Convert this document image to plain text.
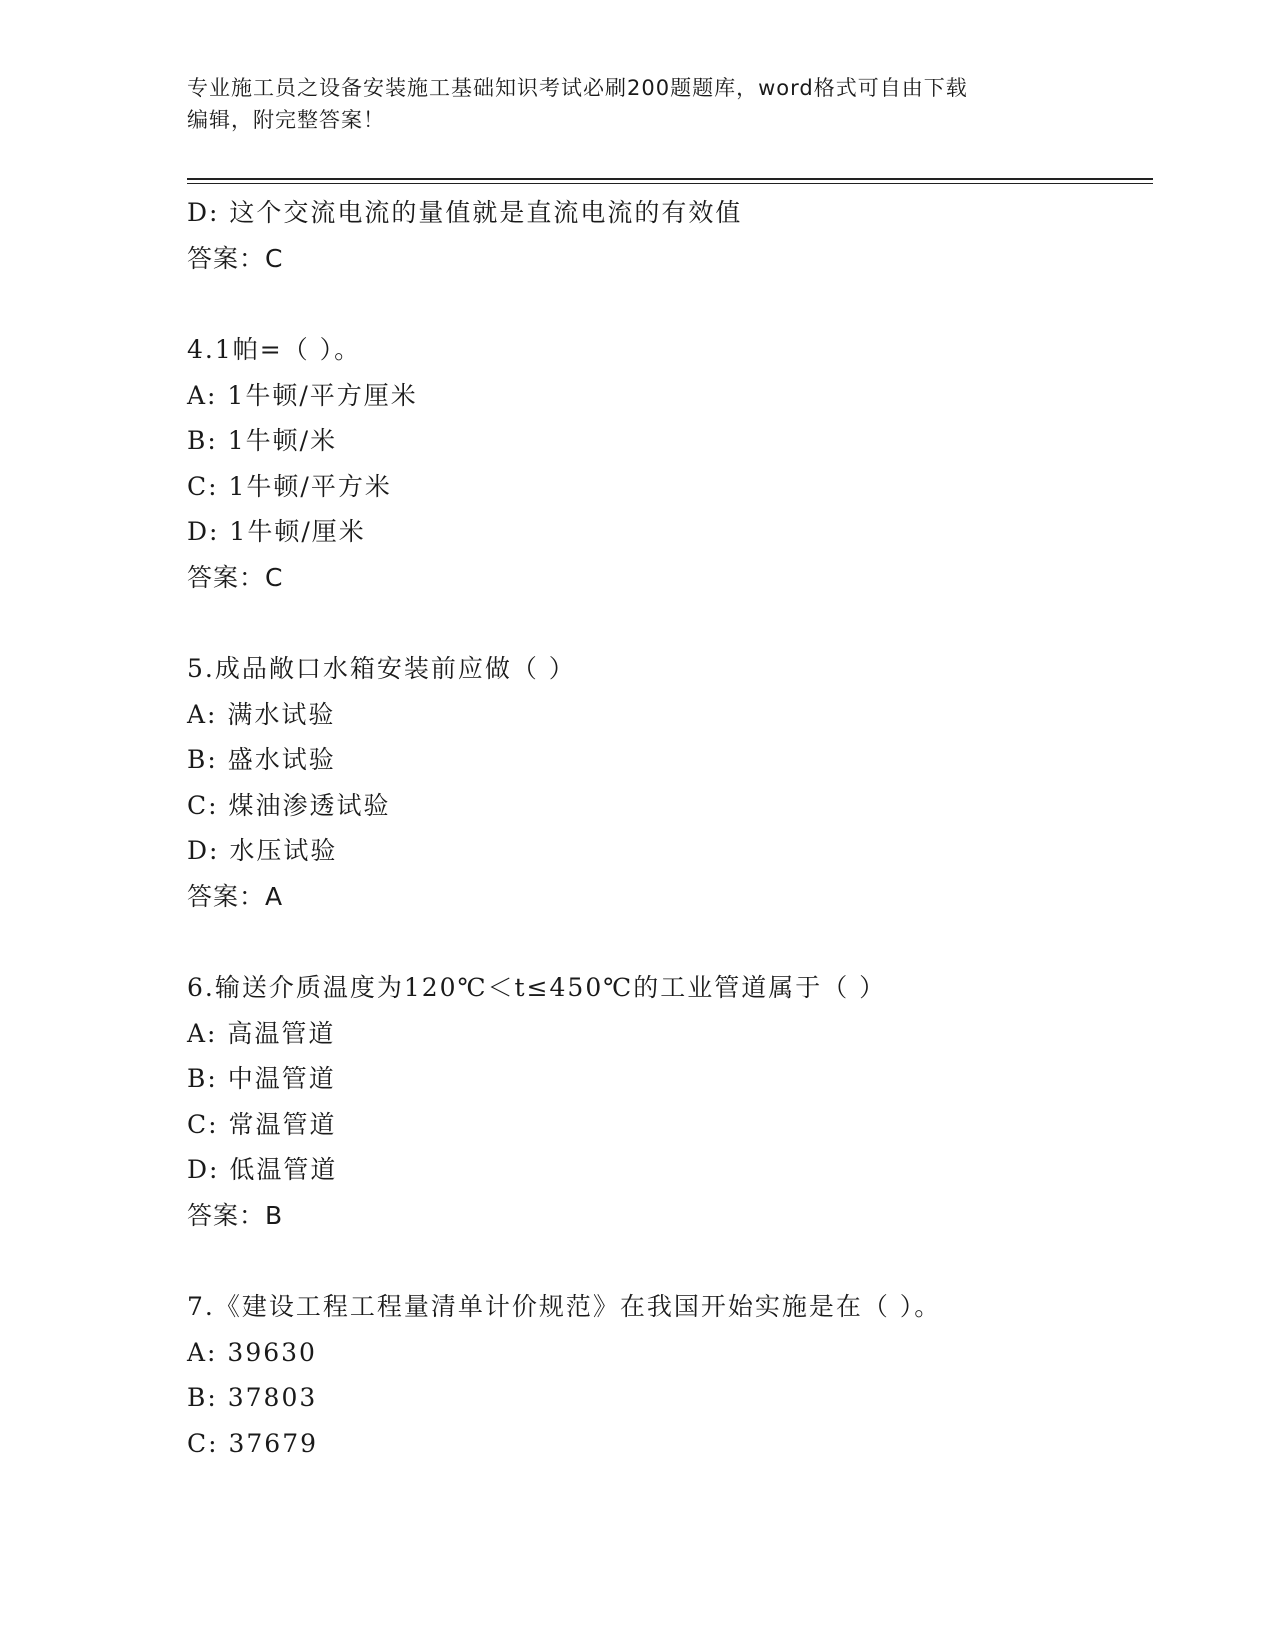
专业施工员之设备安装施工基础知识考试必刷200题题库，word格式可自由下载
编辑，附完整答案！
D: 这个交流电流的量值就是直流电流的有效值
答案：C
4.1帕=（ ）。
A: 1牛顿/平方厘米
B: 1牛顿/米
C: 1牛顿/平方米
D: 1牛顿/厘米
答案：C
5.成品敞口水箱安装前应做（ ）
A: 满水试验
B: 盛水试验
C: 煤油渗透试验
D: 水压试验
答案：A
6.输送介质温度为120℃＜t≤450℃的工业管道属于（ ）
A: 高温管道
B: 中温管道
C: 常温管道
D: 低温管道
答案：B
7.《建设工程工程量清单计价规范》在我国开始实施是在（ ）。
A: 39630
B: 37803
C: 37679
